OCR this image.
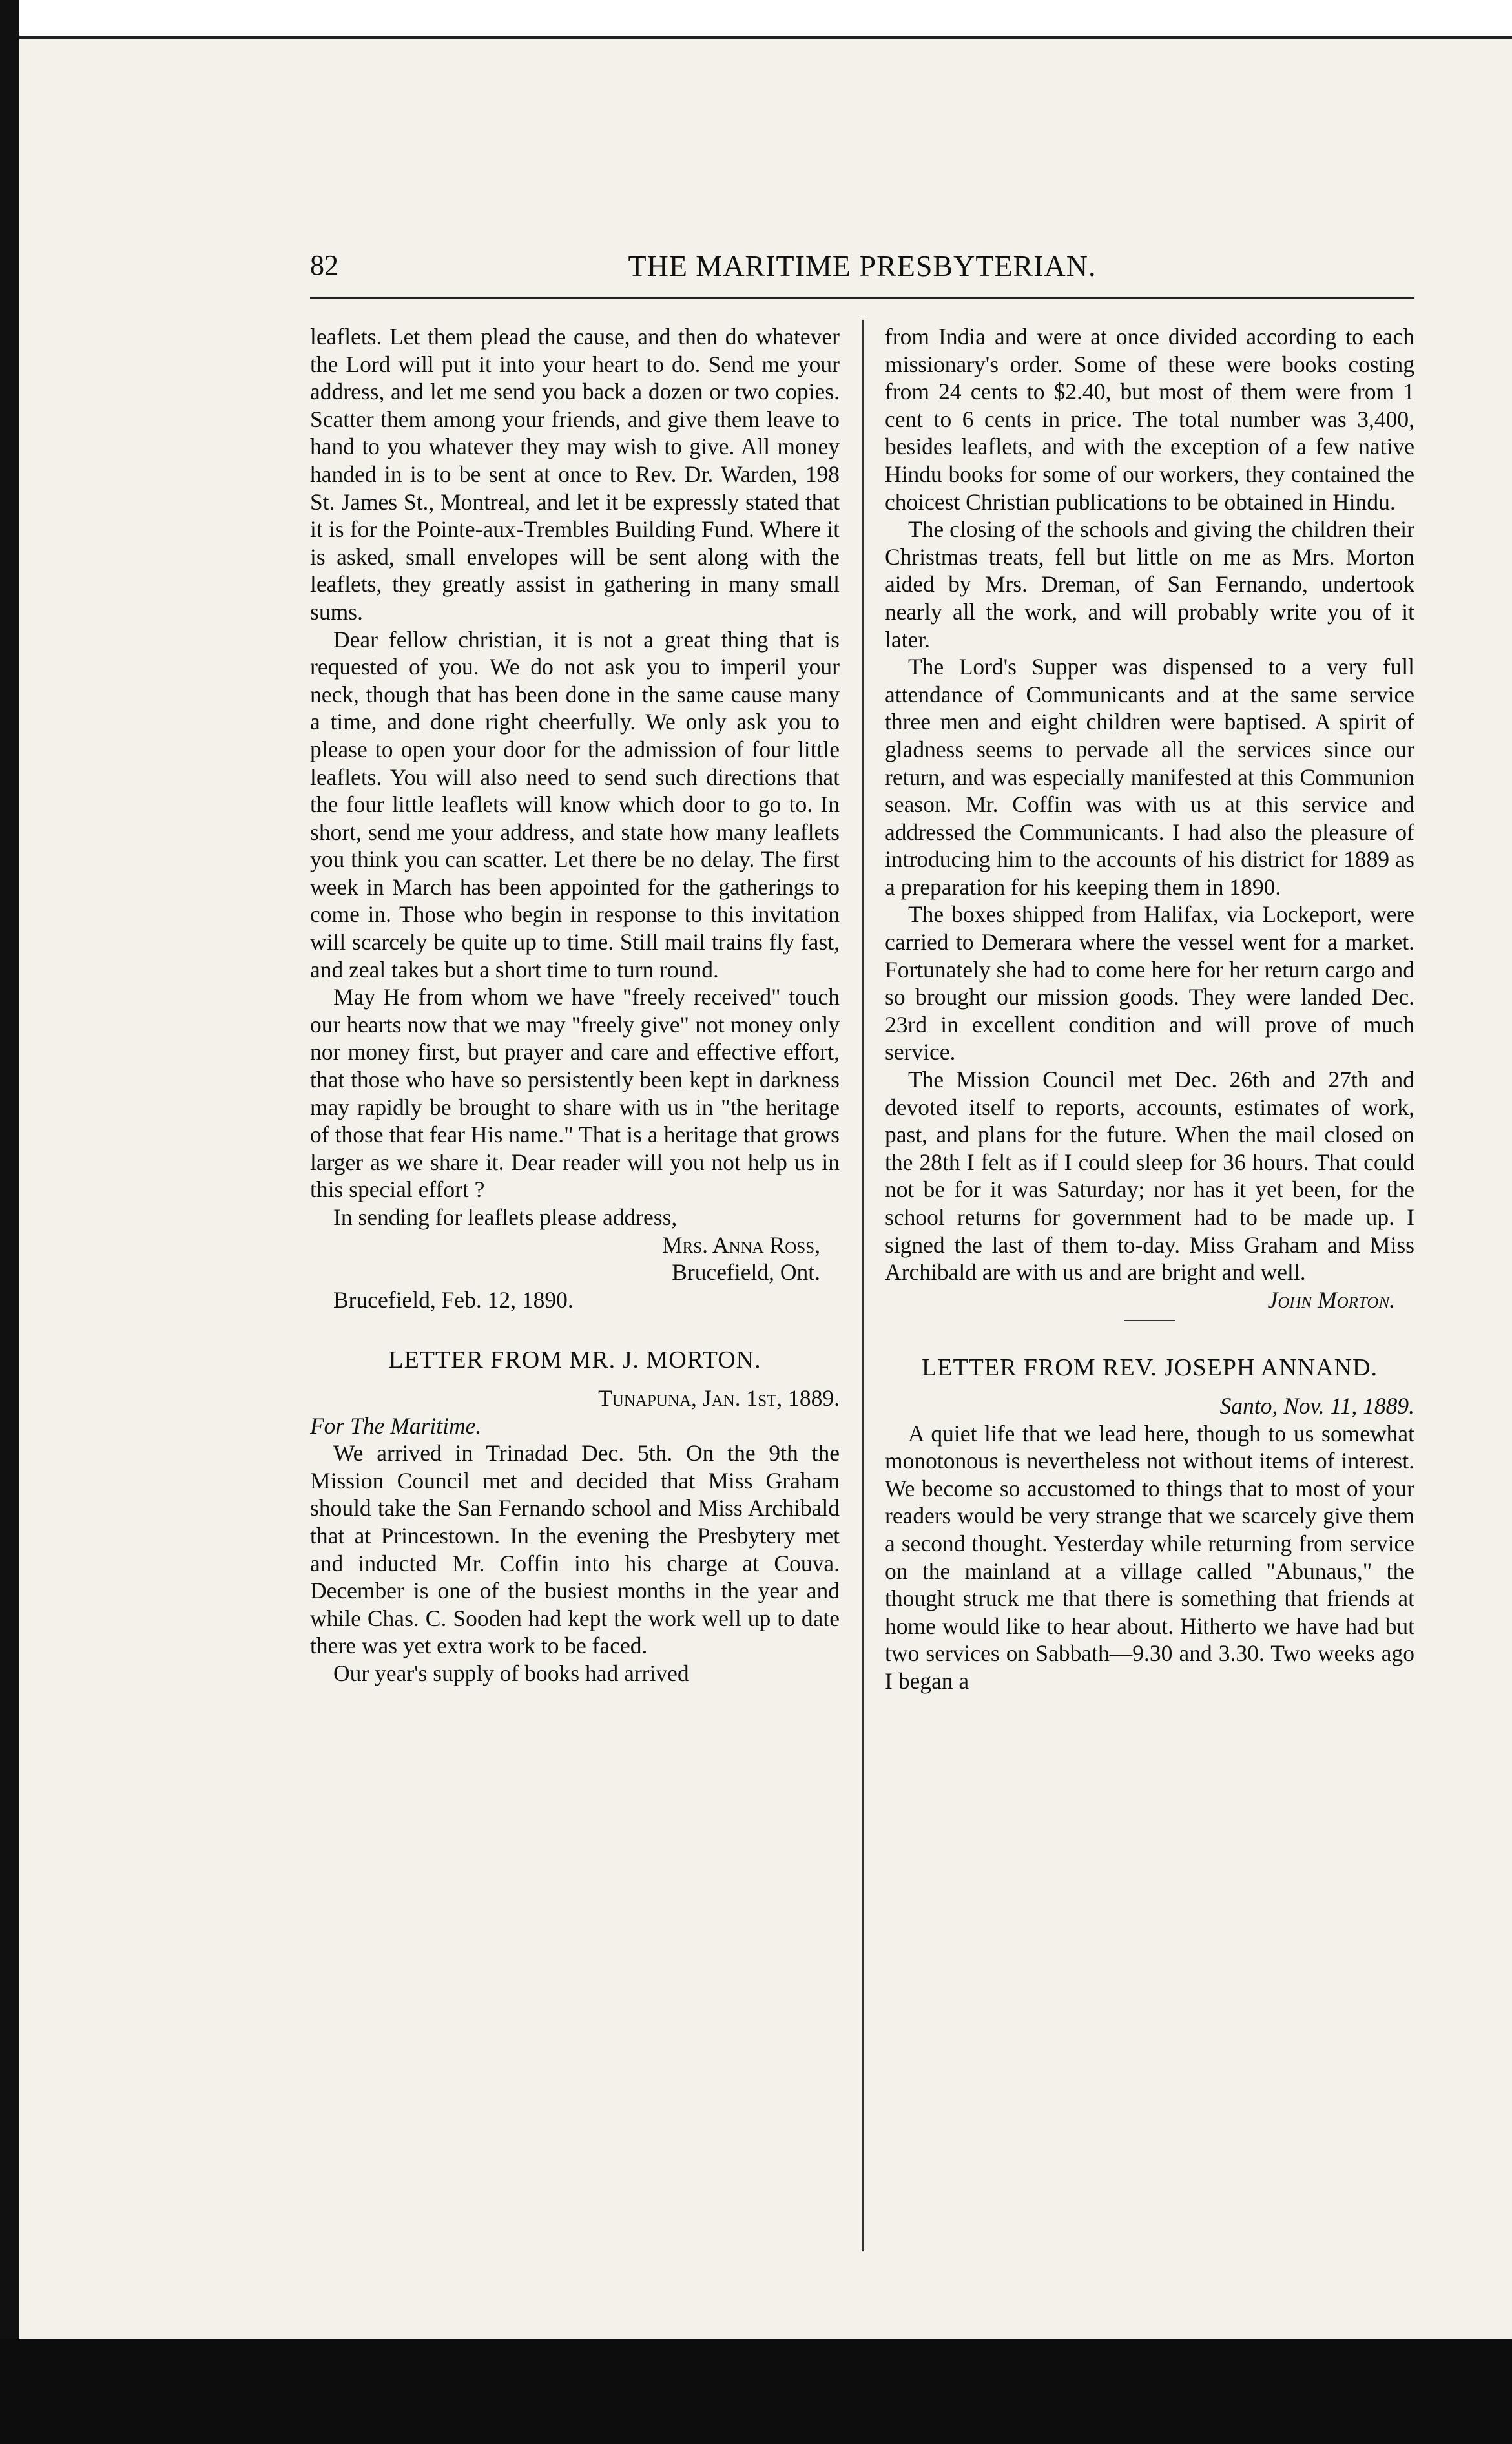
THE MARITIME PRESBYTERIAN.
82

leaflets. Let them plead the cause, and then do whatever the Lord will put it into your heart to do. Send me your address, and let me send you back a dozen or two copies. Scatter them among your friends, and give them leave to hand to you whatever they may wish to give. All money handed in is to be sent at once to Rev. Dr. Warden, 198 St. James St., Montreal, and let it be expressly stated that it is for the Pointe-aux-Trembles Building Fund. Where it is asked, small envelopes will be sent along with the leaflets, they greatly assist in gathering in many small sums.

Dear fellow christian, it is not a great thing that is requested of you. We do not ask you to imperil your neck, though that has been done in the same cause many a time, and done right cheerfully. We only ask you to please to open your door for the admission of four little leaflets. You will also need to send such directions that the four little leaflets will know which door to go to. In short, send me your address, and state how many leaflets you think you can scatter. Let there be no delay. The first week in March has been appointed for the gatherings to come in. Those who begin in response to this invitation will scarcely be quite up to time. Still mail trains fly fast, and zeal takes but a short time to turn round.

May He from whom we have "freely received" touch our hearts now that we may "freely give" not money only nor money first, but prayer and care and effective effort, that those who have so persistently been kept in darkness may rapidly be brought to share with us in "the heritage of those that fear His name." That is a heritage that grows larger as we share it. Dear reader will you not help us in this special effort ?

In sending for leaflets please address,

Mrs. Anna Ross,

Brucefield, Ont.

Brucefield, Feb. 12, 1890.

LETTER FROM MR. J. MORTON.

Tunapuna, Jan. 1st, 1889.

For The Maritime.

We arrived in Trinadad Dec. 5th. On the 9th the Mission Council met and decided that Miss Graham should take the San Fernando school and Miss Archibald that at Princestown. In the evening the Presbytery met and inducted Mr. Coffin into his charge at Couva. December is one of the busiest months in the year and while Chas. C. Sooden had kept the work well up to date there was yet extra work to be faced.

Our year's supply of books had arrived

from India and were at once divided according to each missionary's order. Some of these were books costing from 24 cents to $2.40, but most of them were from 1 cent to 6 cents in price. The total number was 3,400, besides leaflets, and with the exception of a few native Hindu books for some of our workers, they contained the choicest Christian publications to be obtained in Hindu.

The closing of the schools and giving the children their Christmas treats, fell but little on me as Mrs. Morton aided by Mrs. Dreman, of San Fernando, undertook nearly all the work, and will probably write you of it later.

The Lord's Supper was dispensed to a very full attendance of Communicants and at the same service three men and eight children were baptised. A spirit of gladness seems to pervade all the services since our return, and was especially manifested at this Communion season. Mr. Coffin was with us at this service and addressed the Communicants. I had also the pleasure of introducing him to the accounts of his district for 1889 as a preparation for his keeping them in 1890.

The boxes shipped from Halifax, via Lockeport, were carried to Demerara where the vessel went for a market. Fortunately she had to come here for her return cargo and so brought our mission goods. They were landed Dec. 23rd in excellent condition and will prove of much service.

The Mission Council met Dec. 26th and 27th and devoted itself to reports, accounts, estimates of work, past, and plans for the future. When the mail closed on the 28th I felt as if I could sleep for 36 hours. That could not be for it was Saturday; nor has it yet been, for the school returns for government had to be made up. I signed the last of them to-day. Miss Graham and Miss Archibald are with us and are bright and well.

John Morton.

LETTER FROM REV. JOSEPH ANNAND.

Santo, Nov. 11, 1889.

A quiet life that we lead here, though to us somewhat monotonous is nevertheless not without items of interest. We become so accustomed to things that to most of your readers would be very strange that we scarcely give them a second thought. Yesterday while returning from service on the mainland at a village called "Abunaus," the thought struck me that there is something that friends at home would like to hear about. Hitherto we have had but two services on Sabbath—9.30 and 3.30. Two weeks ago I began a
